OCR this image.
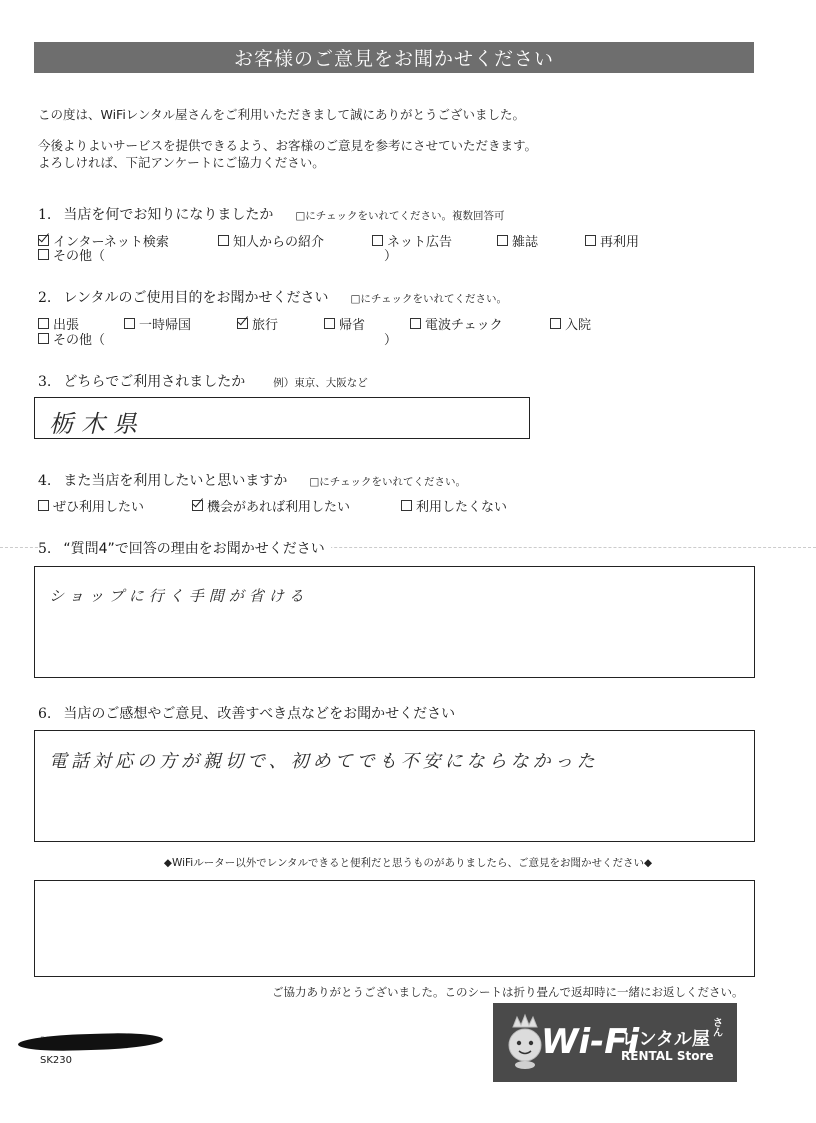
お客様のご意見をお聞かせください
この度は、WiFiレンタル屋さんをご利用いただきまして誠にありがとうございました。
今後よりよいサービスを提供できるよう、お客様のご意見を参考にさせていただきます。
よろしければ、下記アンケートにご協力ください。
1. 当店を何でお知りになりましたか □にチェックをいれてください。複数回答可
インターネット検索	知人からの紹介	ネット広告	雑誌	再利用
その他（	）
2. レンタルのご使用目的をお聞かせください □にチェックをいれてください。
出張	一時帰国	旅行	帰省	電波チェック	入院
その他（	）
3. どちらでご利用されましたか	例）東京、大阪など
栃木県
4. また当店を利用したいと思いますか □にチェックをいれてください。
ぜひ利用したい	機会があれば利用したい	利用したくない
5. “質問4”で回答の理由をお聞かせください
ショップに行く手間が省ける
6. 当店のご感想やご意見、改善すべき点などをお聞かせください
電話対応の方が親切で、初めてでも不安にならなかった
◆WiFiルーター以外でレンタルできると便利だと思うものがありましたら、ご意見をお聞かせください◆
ご協力ありがとうございました。このシートは折り畳んで返却時に一緒にお返しください。
SK230	Wi-Fi
レンタル屋
さん
RENTAL Store
